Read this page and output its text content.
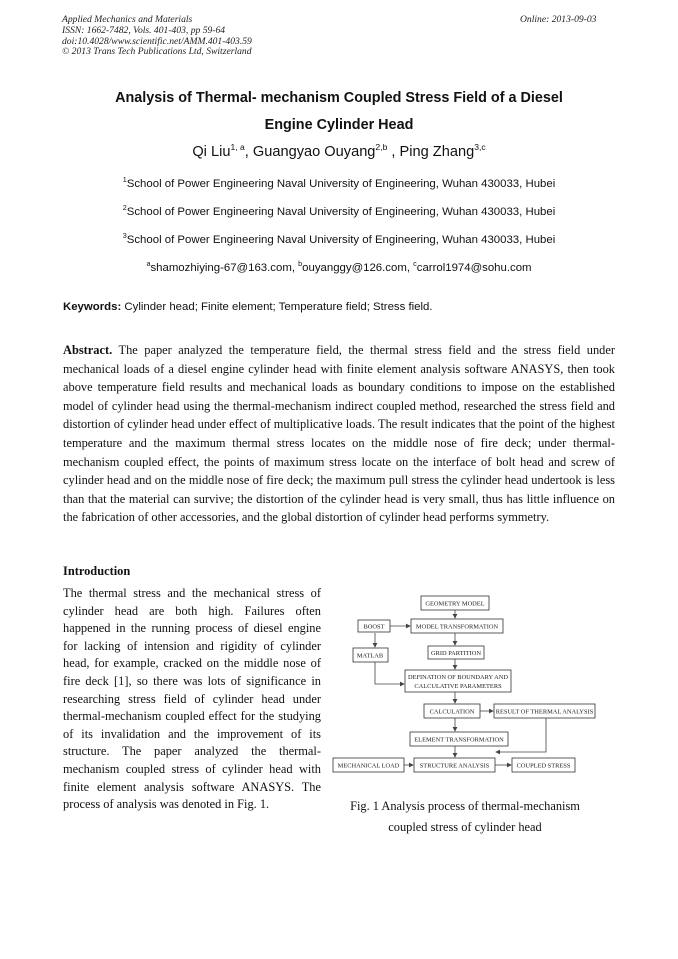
Applied Mechanics and Materials
ISSN: 1662-7482, Vols. 401-403, pp 59-64
doi:10.4028/www.scientific.net/AMM.401-403.59
© 2013 Trans Tech Publications Ltd, Switzerland
Online: 2013-09-03
Analysis of Thermal- mechanism Coupled Stress Field of a Diesel
Engine Cylinder Head
Qi Liu$^{1, a}$, Guangyao Ouyang$^{2,b}$ , Ping Zhang$^{3,c}$
$^1$School of Power Engineering Naval University of Engineering, Wuhan 430033, Hubei
$^2$School of Power Engineering Naval University of Engineering, Wuhan 430033, Hubei
$^3$School of Power Engineering Naval University of Engineering, Wuhan 430033, Hubei
$^a$shamozhiying-67@163.com, $^b$ouyanggy@126.com, $^c$carrol1974@sohu.com
Keywords: Cylinder head; Finite element; Temperature field; Stress field.
Abstract. The paper analyzed the temperature field, the thermal stress field and the stress field under mechanical loads of a diesel engine cylinder head with finite element analysis software ANASYS, then took above temperature field results and mechanical loads as boundary conditions to impose on the established model of cylinder head using the thermal-mechanism indirect coupled method, researched the stress field and distortion of cylinder head under effect of multiplicative loads. The result indicates that the point of the highest temperature and the maximum thermal stress locates on the middle nose of fire deck; under thermal-mechanism coupled effect, the points of maximum stress locate on the interface of bolt head and screw of cylinder head and on the middle nose of fire deck; the maximum pull stress the cylinder head undertook is less than that the material can survive; the distortion of the cylinder head is very small, thus has little influence on the fabrication of other accessories, and the global distortion of cylinder head performs symmetry.
Introduction
The thermal stress and the mechanical stress of cylinder head are both high. Failures often happened in the running process of diesel engine for lacking of intension and rigidity of cylinder head, for example, cracked on the middle nose of fire deck [1], so there was lots of significance in researching stress field of cylinder head under thermal-mechanism coupled effect for the studying of its invalidation and the improvement of its structure. The paper analyzed the thermal-mechanism coupled stress of cylinder head with finite element analysis software ANASYS. The process of analysis was denoted in Fig. 1.
GEOMETRY MODEL
BOOST	MODEL TRANSFORMATION
MATLAB	GRID PARTITION
DEFINATION OF BOUNDARY AND
CALCULATIVE PARAMETERS
CALCULATION	RESULT OF THERMAL ANALYSIS
ELEMENT TRANSFORMATION
MECHANICAL LOAD	STRUCTURE ANALYSIS	COUPLED STRESS
Fig. 1 Analysis process of thermal-mechanism
coupled stress of cylinder head
